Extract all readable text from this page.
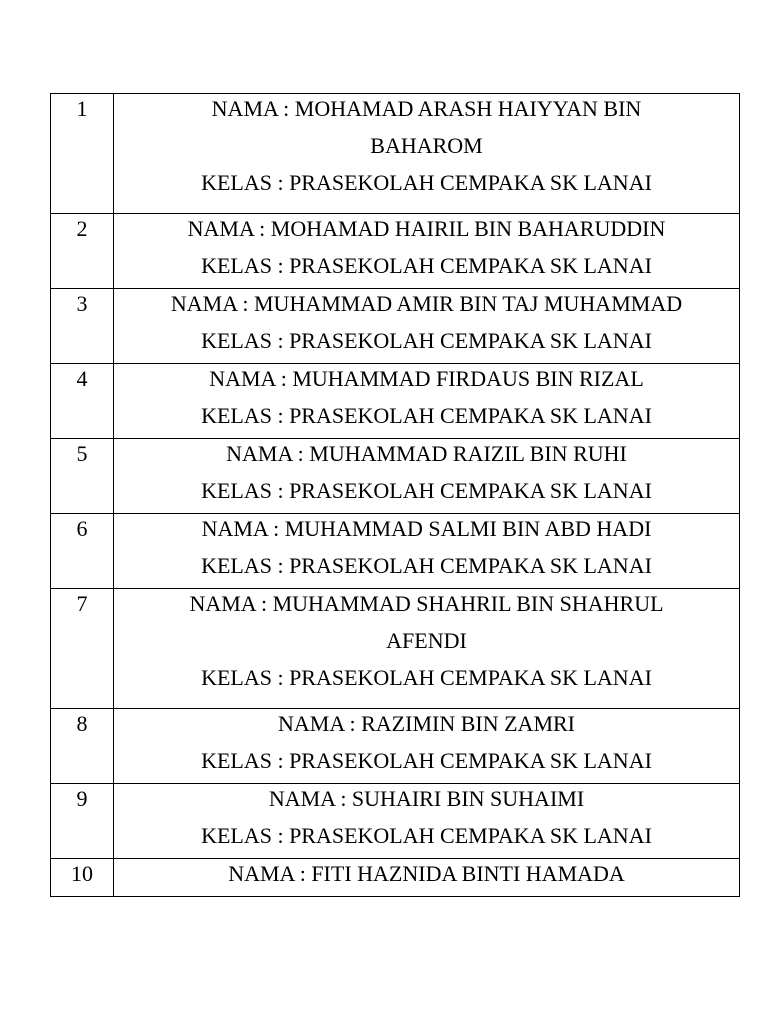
1	NAMA : MOHAMAD ARASH HAIYYAN BIN
BAHAROM
KELAS : PRASEKOLAH CEMPAKA SK LANAI

2	NAMA : MOHAMAD HAIRIL BIN BAHARUDDIN
KELAS : PRASEKOLAH CEMPAKA SK LANAI

3	NAMA : MUHAMMAD AMIR BIN TAJ MUHAMMAD
KELAS : PRASEKOLAH CEMPAKA SK LANAI

4	NAMA : MUHAMMAD FIRDAUS BIN RIZAL
KELAS : PRASEKOLAH CEMPAKA SK LANAI

5	NAMA : MUHAMMAD RAIZIL BIN RUHI
KELAS : PRASEKOLAH CEMPAKA SK LANAI

6	NAMA : MUHAMMAD SALMI BIN ABD HADI
KELAS : PRASEKOLAH CEMPAKA SK LANAI

7	NAMA : MUHAMMAD SHAHRIL BIN SHAHRUL
AFENDI
KELAS : PRASEKOLAH CEMPAKA SK LANAI

8	NAMA : RAZIMIN BIN ZAMRI
KELAS : PRASEKOLAH CEMPAKA SK LANAI

9	NAMA : SUHAIRI BIN SUHAIMI
KELAS : PRASEKOLAH CEMPAKA SK LANAI

10	NAMA : FITI HAZNIDA BINTI HAMADA
